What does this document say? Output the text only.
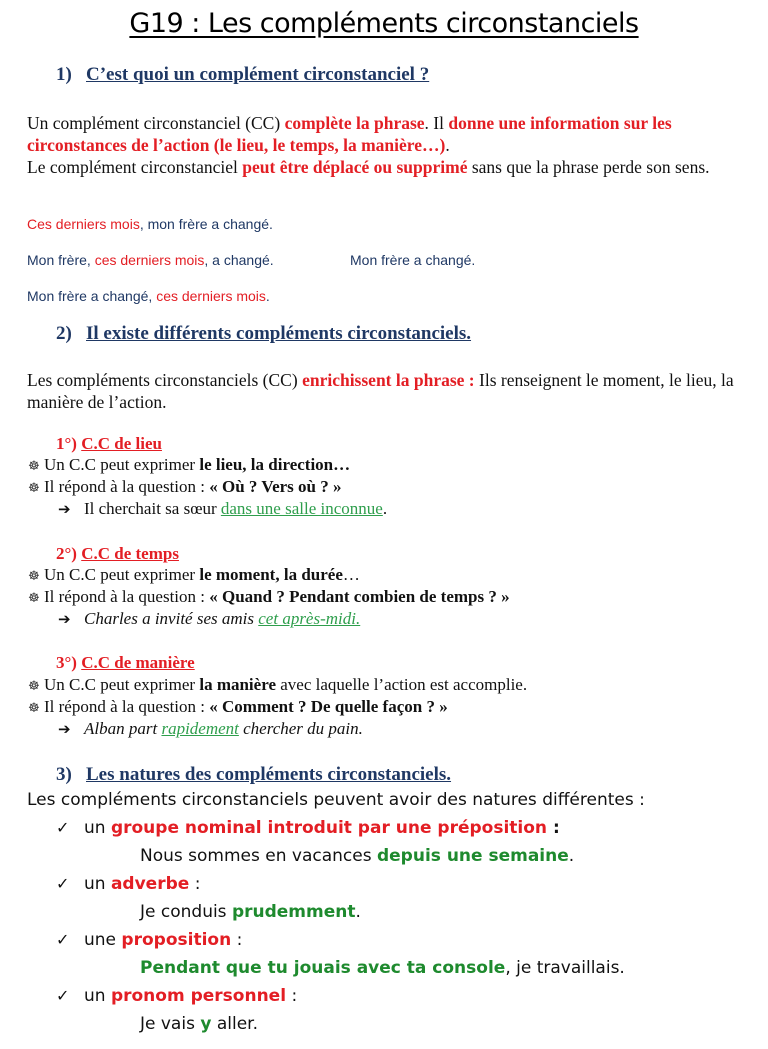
G19 : Les compléments circonstanciels
1) C’est quoi un complément circonstanciel ?
Un complément circonstanciel (CC) complète la phrase. Il donne une information sur les circonstances de l’action (le lieu, le temps, la manière…).
Le complément circonstanciel peut être déplacé ou supprimé sans que la phrase perde son sens.
Ces derniers mois, mon frère a changé.
Mon frère, ces derniers mois, a changé.	Mon frère a changé.
Mon frère a changé, ces derniers mois.
2) Il existe différents compléments circonstanciels.
Les compléments circonstanciels (CC) enrichissent la phrase : Ils renseignent le moment, le lieu, la manière de l’action.
1°) C.C de lieu
☸ Un C.C peut exprimer le lieu, la direction…
☸ Il répond à la question : « Où ? Vers où ? »
➔ Il cherchait sa sœur dans une salle inconnue.
2°) C.C de temps
☸ Un C.C peut exprimer le moment, la durée…
☸ Il répond à la question : « Quand ? Pendant combien de temps ? »
➔ Charles a invité ses amis cet après-midi.
3°) C.C de manière
☸ Un C.C peut exprimer la manière avec laquelle l’action est accomplie.
☸ Il répond à la question : « Comment ? De quelle façon ? »
➔ Alban part rapidement chercher du pain.
3) Les natures des compléments circonstanciels.
Les compléments circonstanciels peuvent avoir des natures différentes :
✓ un groupe nominal introduit par une préposition :
Nous sommes en vacances depuis une semaine.
✓ un adverbe :
Je conduis prudemment.
✓ une proposition :
Pendant que tu jouais avec ta console, je travaillais.
✓ un pronom personnel :
Je vais y aller.
